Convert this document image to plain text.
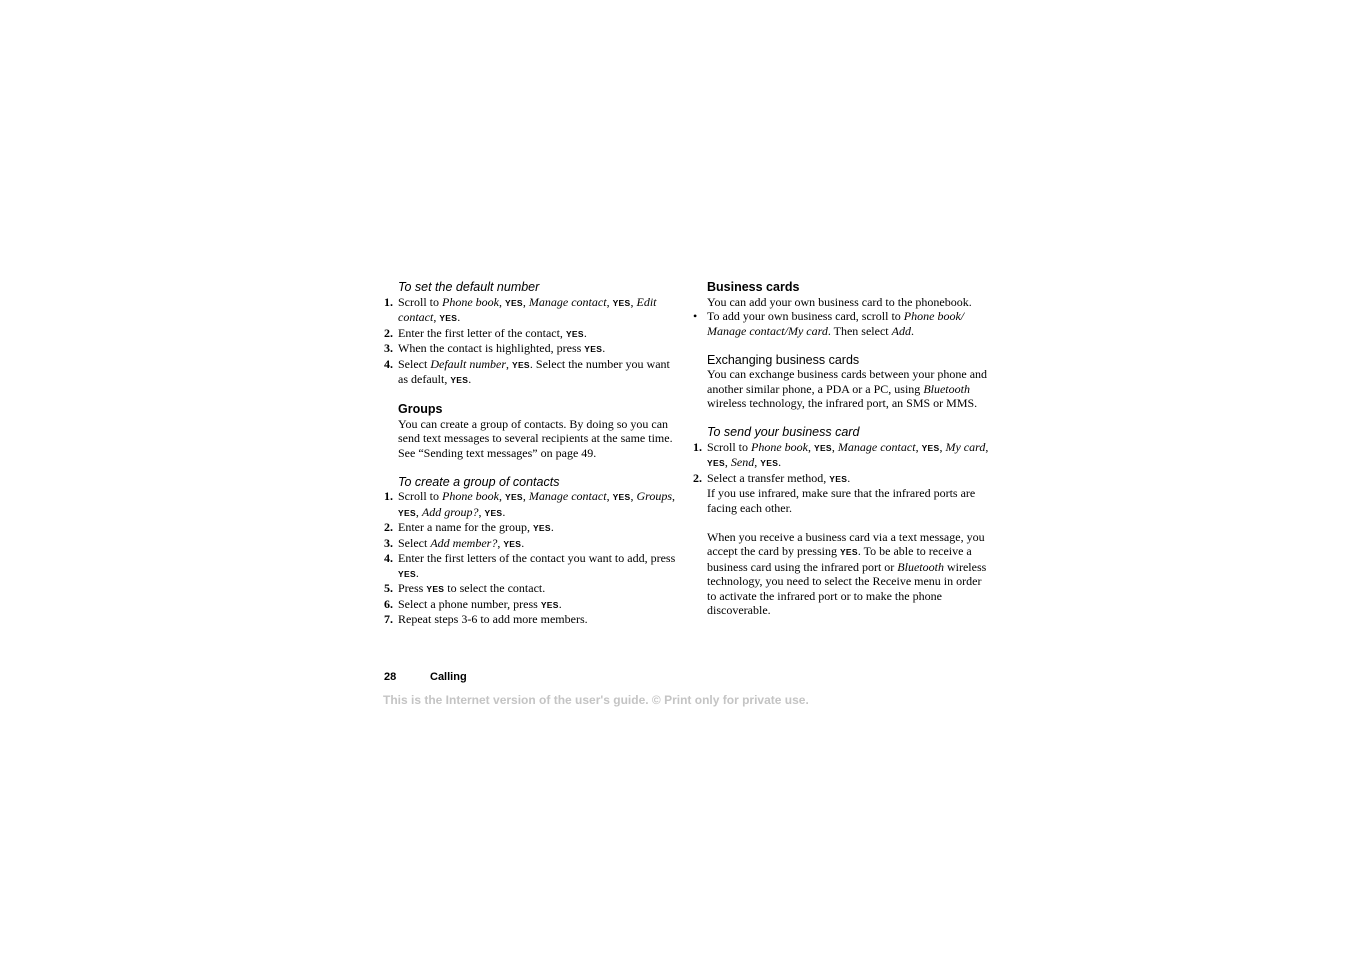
To set the default number

1. Scroll to Phone book, YES, Manage contact, YES, Edit contact, YES.
2. Enter the first letter of the contact, YES.
3. When the contact is highlighted, press YES.
4. Select Default number, YES. Select the number you want as default, YES.

Groups

You can create a group of contacts. By doing so you can send text messages to several recipients at the same time. See “Sending text messages” on page 49.

To create a group of contacts

1. Scroll to Phone book, YES, Manage contact, YES, Groups, YES, Add group?, YES.
2. Enter a name for the group, YES.
3. Select Add member?, YES.
4. Enter the first letters of the contact you want to add, press YES.
5. Press YES to select the contact.
6. Select a phone number, press YES.
7. Repeat steps 3-6 to add more members.

Business cards

You can add your own business card to the phonebook.

• To add your own business card, scroll to Phone book/ Manage contact/My card. Then select Add.

Exchanging business cards

You can exchange business cards between your phone and another similar phone, a PDA or a PC, using Bluetooth wireless technology, the infrared port, an SMS or MMS.

To send your business card

1. Scroll to Phone book, YES, Manage contact, YES, My card, YES, Send, YES.
2. Select a transfer method, YES.
If you use infrared, make sure that the infrared ports are facing each other.

When you receive a business card via a text message, you accept the card by pressing YES. To be able to receive a business card using the infrared port or Bluetooth wireless technology, you need to select the Receive menu in order to activate the infrared port or to make the phone discoverable.

28	Calling
This is the Internet version of the user's guide. © Print only for private use.
